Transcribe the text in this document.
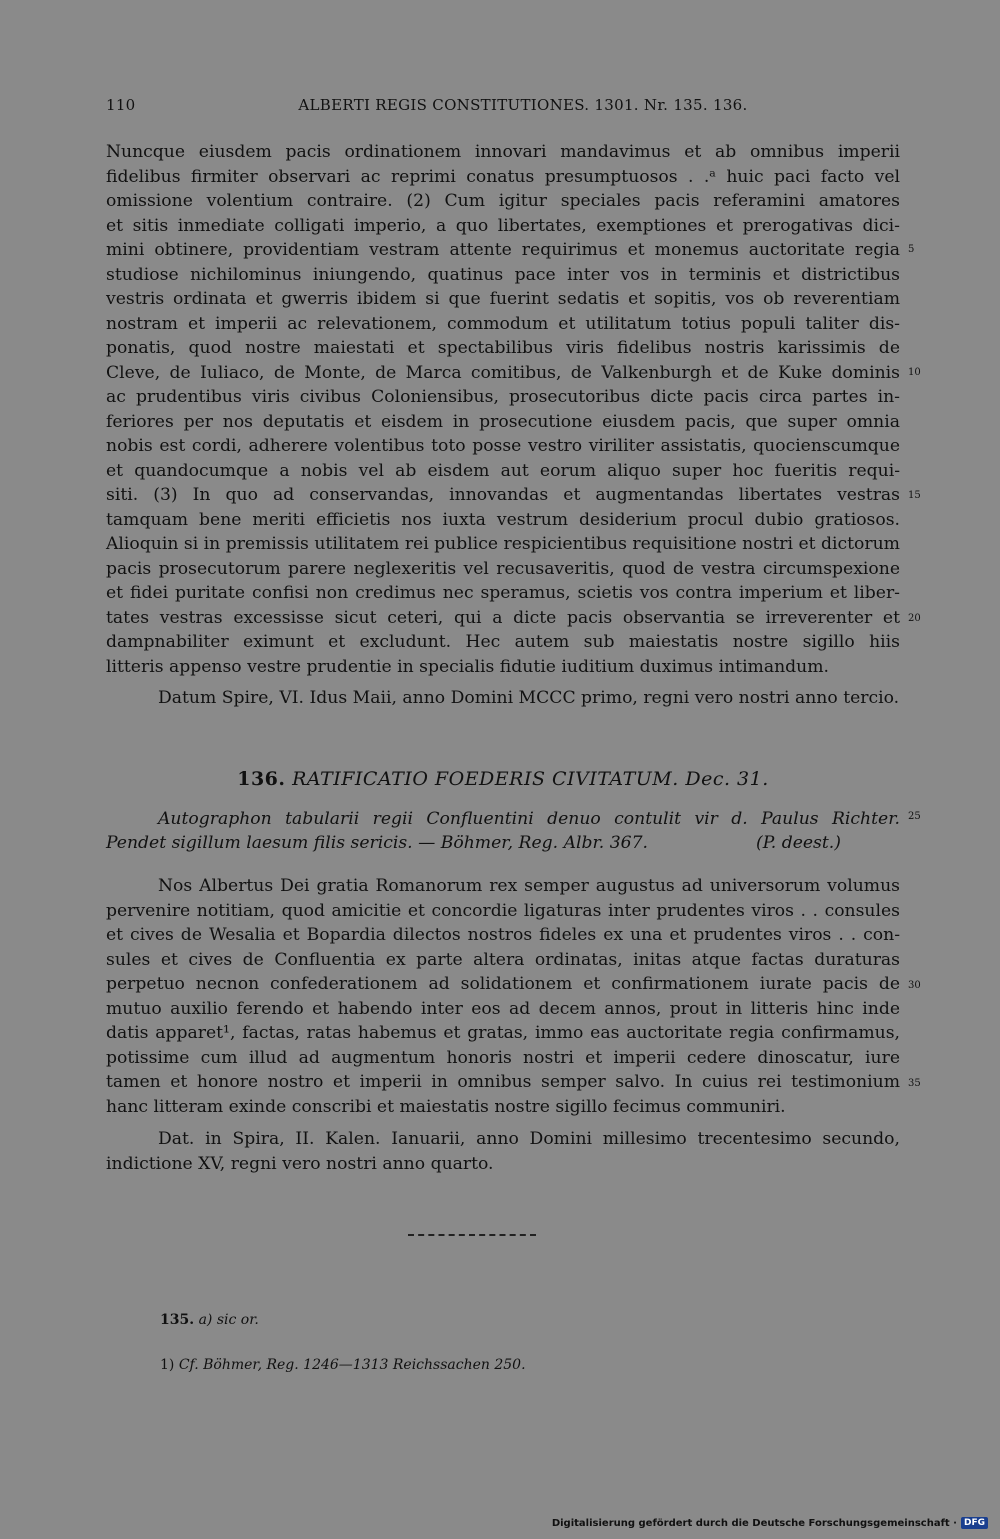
110	ALBERTI REGIS CONSTITUTIONES. 1301. Nr. 135. 136.
Nuncque eiusdem pacis ordinationem innovari mandavimus et ab omnibus imperii
fidelibus firmiter observari ac reprimi conatus presumptuosos . .ᵃ huic paci facto vel
omissione volentium contraire. (2) Cum igitur speciales pacis referamini amatores
et sitis inmediate colligati imperio, a quo libertates, exemptiones et prerogativas dici-
mini obtinere, providentiam vestram attente requirimus et monemus auctoritate regia
studiose nichilominus iniungendo, quatinus pace inter vos in terminis et districtibus
vestris ordinata et gwerris ibidem si que fuerint sedatis et sopitis, vos ob reverentiam
nostram et imperii ac relevationem, commodum et utilitatum totius populi taliter dis-
ponatis, quod nostre maiestati et spectabilibus viris fidelibus nostris karissimis de
Cleve, de Iuliaco, de Monte, de Marca comitibus, de Valkenburgh et de Kuke dominis
ac prudentibus viris civibus Coloniensibus, prosecutoribus dicte pacis circa partes in-
feriores per nos deputatis et eisdem in prosecutione eiusdem pacis, que super omnia
nobis est cordi, adherere volentibus toto posse vestro viriliter assistatis, quocienscumque
et quandocumque a nobis vel ab eisdem aut eorum aliquo super hoc fueritis requi-
siti. (3) In quo ad conservandas, innovandas et augmentandas libertates vestras
tamquam bene meriti efficietis nos iuxta vestrum desiderium procul dubio gratiosos.
Alioquin si in premissis utilitatem rei publice respicientibus requisitione nostri et dictorum
pacis prosecutorum parere neglexeritis vel recusaveritis, quod de vestra circumspexione
et fidei puritate confisi non credimus nec speramus, scietis vos contra imperium et liber-
tates vestras excessisse sicut ceteri, qui a dicte pacis observantia se irreverenter et
dampnabiliter eximunt et excludunt. Hec autem sub maiestatis nostre sigillo hiis
litteris appenso vestre prudentie in specialis fidutie iuditium duximus intimandum.
Datum Spire, VI. Idus Maii, anno Domini MCCC primo, regni vero nostri anno tercio.
5
10
15
20
25
30
35
136. RATIFICATIO FOEDERIS CIVITATUM. Dec. 31.
Autographon tabularii regii Confluentini denuo contulit vir d. Paulus Richter.
Pendet sigillum laesum filis sericis. — Böhmer, Reg. Albr. 367.	(P. deest.)
Nos Albertus Dei gratia Romanorum rex semper augustus ad universorum volumus
pervenire notitiam, quod amicitie et concordie ligaturas inter prudentes viros . . consules
et cives de Wesalia et Bopardia dilectos nostros fideles ex una et prudentes viros . . con-
sules et cives de Confluentia ex parte altera ordinatas, initas atque factas duraturas
perpetuo necnon confederationem ad solidationem et confirmationem iurate pacis de
mutuo auxilio ferendo et habendo inter eos ad decem annos, prout in litteris hinc inde
datis apparet¹, factas, ratas habemus et gratas, immo eas auctoritate regia confirmamus,
potissime cum illud ad augmentum honoris nostri et imperii cedere dinoscatur, iure
tamen et honore nostro et imperii in omnibus semper salvo. In cuius rei testimonium
hanc litteram exinde conscribi et maiestatis nostre sigillo fecimus communiri.
Dat. in Spira, II. Kalen. Ianuarii, anno Domini millesimo trecentesimo secundo,
indictione XV, regni vero nostri anno quarto.
135. a) sic or.
1) Cf. Böhmer, Reg. 1246—1313 Reichssachen 250.
Digitalisierung gefördert durch die Deutsche Forschungsgemeinschaft · DFG
